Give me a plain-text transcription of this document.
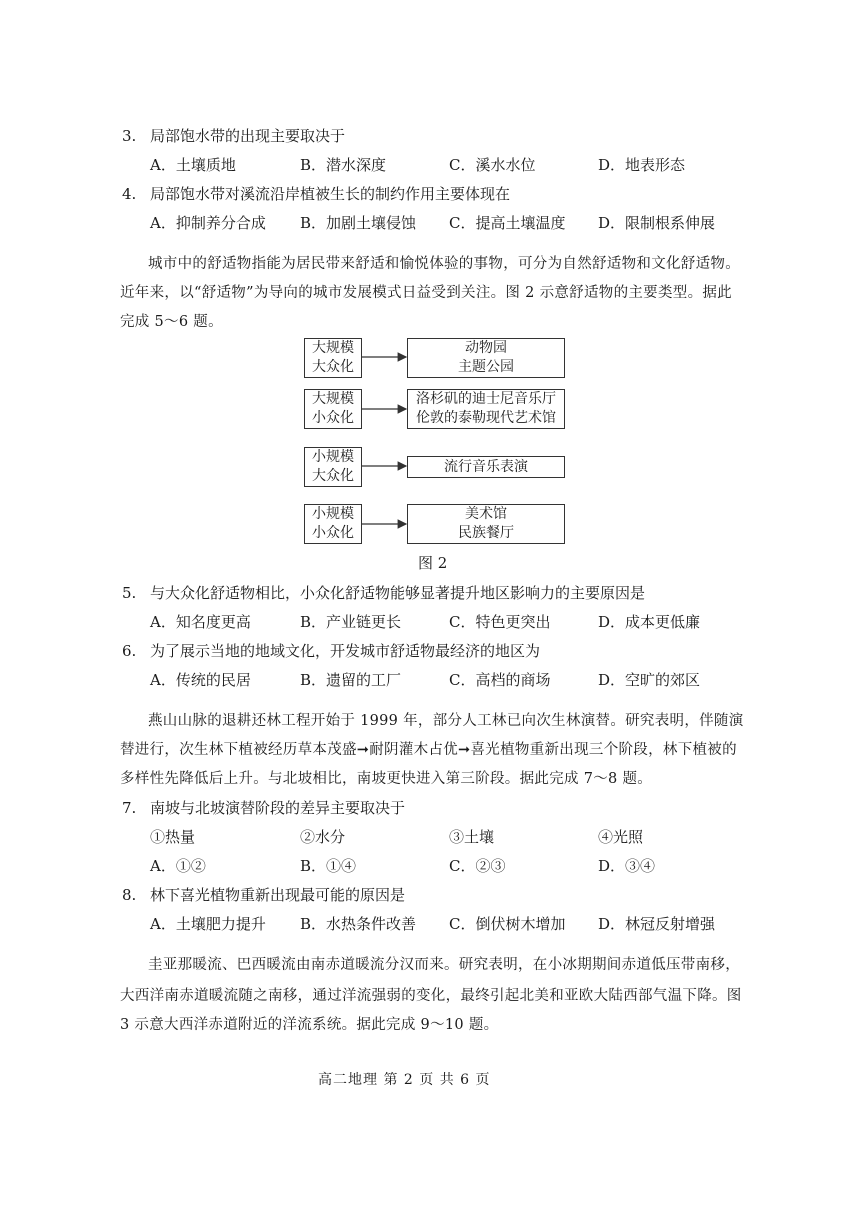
3. 局部饱水带的出现主要取决于
A．土壤质地	B．潜水深度	C．溪水水位	D．地表形态
4. 局部饱水带对溪流沿岸植被生长的制约作用主要体现在
A．抑制养分合成 B．加剧土壤侵蚀 C．提高土壤温度 D．限制根系伸展
城市中的舒适物指能为居民带来舒适和愉悦体验的事物，可分为自然舒适物和文化舒适物。
近年来，以“舒适物”为导向的城市发展模式日益受到关注。图 2 示意舒适物的主要类型。据此
完成 5～6 题。
大规模
大众化
动物园
主题公园
大规模
小众化
洛杉矶的迪士尼音乐厅
伦敦的泰勒现代艺术馆
小规模
大众化
流行音乐表演
小规模
小众化
美术馆
民族餐厅
图 2
5. 与大众化舒适物相比，小众化舒适物能够显著提升地区影响力的主要原因是
A．知名度更高	B．产业链更长	C．特色更突出	D．成本更低廉
6. 为了展示当地的地域文化，开发城市舒适物最经济的地区为
A．传统的民居	B．遗留的工厂	C．高档的商场	D．空旷的郊区
燕山山脉的退耕还林工程开始于 1999 年，部分人工林已向次生林演替。研究表明，伴随演
替进行，次生林下植被经历草本茂盛➞耐阴灌木占优➞喜光植物重新出现三个阶段，林下植被的
多样性先降低后上升。与北坡相比，南坡更快进入第三阶段。据此完成 7～8 题。
7. 南坡与北坡演替阶段的差异主要取决于
①热量	②水分	③土壤	④光照
A．①②	B．①④	C．②③	D．③④
8. 林下喜光植物重新出现最可能的原因是
A．土壤肥力提升 B．水热条件改善 C．倒伏树木增加 D．林冠反射增强
圭亚那暖流、巴西暖流由南赤道暖流分汉而来。研究表明，在小冰期期间赤道低压带南移，
大西洋南赤道暖流随之南移，通过洋流强弱的变化，最终引起北美和亚欧大陆西部气温下降。图
3 示意大西洋赤道附近的洋流系统。据此完成 9～10 题。
高二地理 第 2 页 共 6 页
